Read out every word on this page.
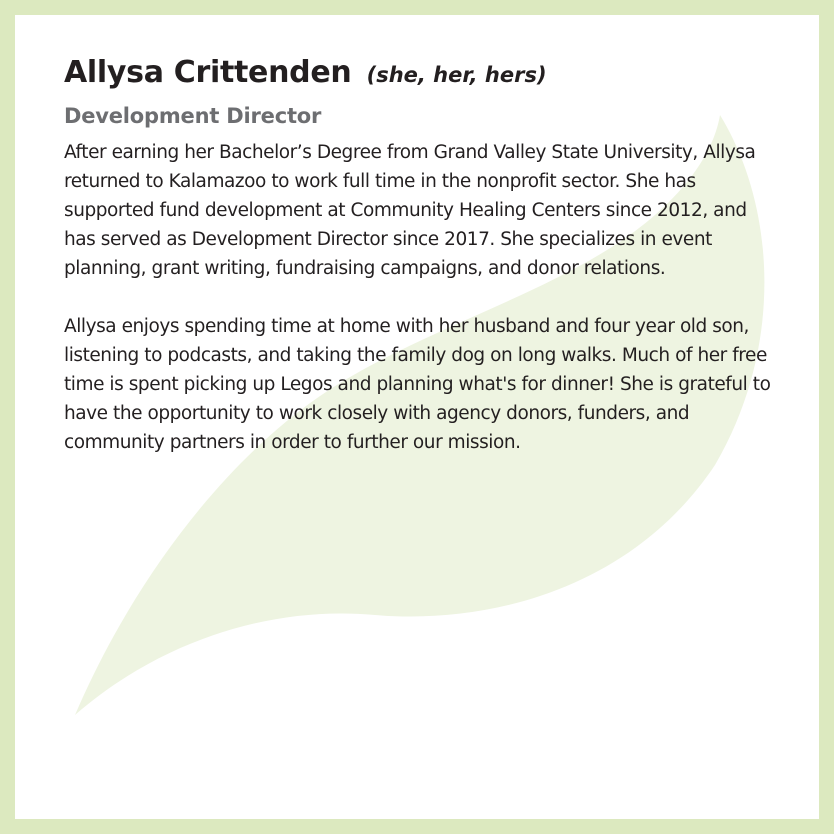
Allysa Crittenden (she, her, hers)
Development Director

After earning her Bachelor’s Degree from Grand Valley State University, Allysa returned to Kalamazoo to work full time in the nonprofit sector. She has supported fund development at Community Healing Centers since 2012, and has served as Development Director since 2017. She specializes in event planning, grant writing, fundraising campaigns, and donor relations.

Allysa enjoys spending time at home with her husband and four year old son, listening to podcasts, and taking the family dog on long walks. Much of her free time is spent picking up Legos and planning what's for dinner! She is grateful to have the opportunity to work closely with agency donors, funders, and community partners in order to further our mission.
